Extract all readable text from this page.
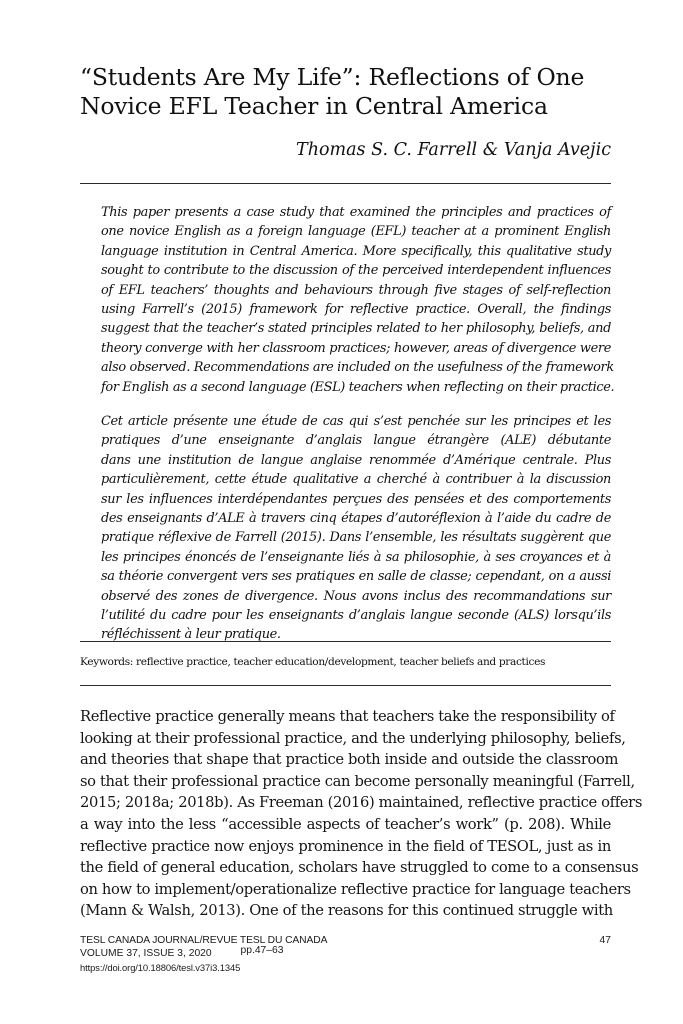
“Students Are My Life”: Reflections of One
Novice EFL Teacher in Central America
Thomas S. C. Farrell & Vanja Avejic
This paper presents a case study that examined the principles and practices of
one novice English as a foreign language (EFL) teacher at a prominent English
language institution in Central America. More specifically, this qualitative study
sought to contribute to the discussion of the perceived interdependent influences
of EFL teachers’ thoughts and behaviours through five stages of self-reflection
using Farrell’s (2015) framework for reflective practice. Overall, the findings
suggest that the teacher’s stated principles related to her philosophy, beliefs, and
theory converge with her classroom practices; however, areas of divergence were
also observed. Recommendations are included on the usefulness of the framework
for English as a second language (ESL) teachers when reflecting on their practice.
Cet article présente une étude de cas qui s’est penchée sur les principes et les
pratiques d’une enseignante d’anglais langue étrangère (ALE) débutante
dans une institution de langue anglaise renommée d’Amérique centrale. Plus
particulièrement, cette étude qualitative a cherché à contribuer à la discussion
sur les influences interdépendantes perçues des pensées et des comportements
des enseignants d’ALE à travers cinq étapes d’autoréflexion à l’aide du cadre de
pratique réflexive de Farrell (2015). Dans l’ensemble, les résultats suggèrent que
les principes énoncés de l’enseignante liés à sa philosophie, à ses croyances et à
sa théorie convergent vers ses pratiques en salle de classe; cependant, on a aussi
observé des zones de divergence. Nous avons inclus des recommandations sur
l’utilité du cadre pour les enseignants d’anglais langue seconde (ALS) lorsqu’ils
réfléchissent à leur pratique.
Keywords: reflective practice, teacher education/development, teacher beliefs and practices
Reflective practice generally means that teachers take the responsibility of
looking at their professional practice, and the underlying philosophy, beliefs,
and theories that shape that practice both inside and outside the classroom
so that their professional practice can become personally meaningful (Farrell,
2015; 2018a; 2018b). As Freeman (2016) maintained, reflective practice offers
a way into the less “accessible aspects of teacher’s work” (p. 208). While
reflective practice now enjoys prominence in the field of TESOL, just as in
the field of general education, scholars have struggled to come to a consensus
on how to implement/operationalize reflective practice for language teachers
(Mann & Walsh, 2013). One of the reasons for this continued struggle with
TESL CANADA JOURNAL/REVUE TESL DU CANADA
VOLUME 37, ISSUE 3, 2020	pp.47–63
https://doi.org/10.18806/tesl.v37i3.1345
47
